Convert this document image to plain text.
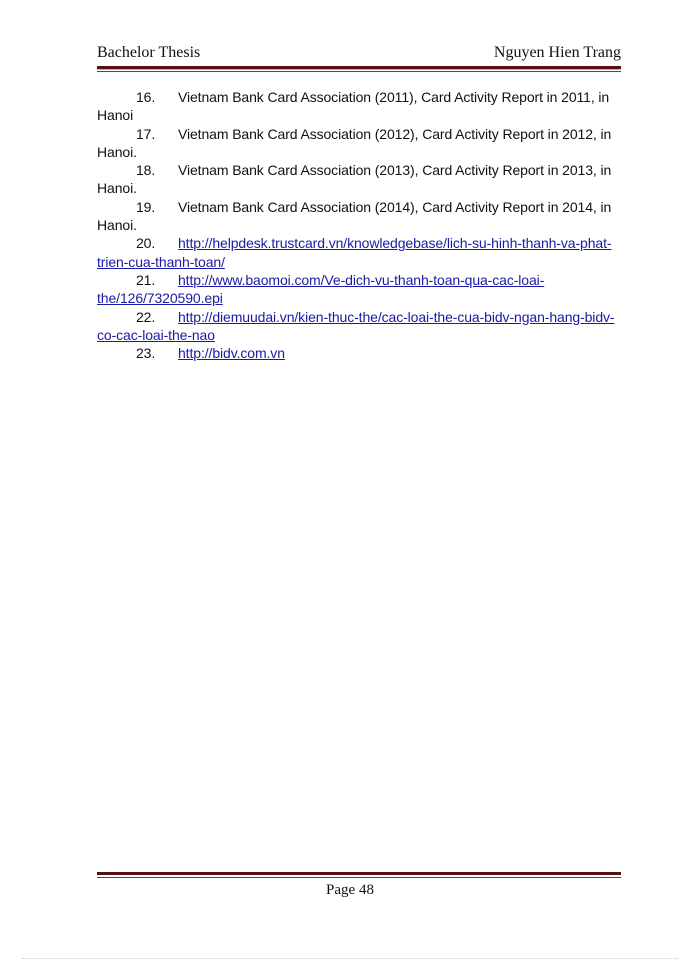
Bachelor Thesis	Nguyen Hien Trang
16. Vietnam Bank Card Association (2011), Card Activity Report in 2011, in
Hanoi
17. Vietnam Bank Card Association (2012), Card Activity Report in 2012, in
Hanoi.
18. Vietnam Bank Card Association (2013), Card Activity Report in 2013, in
Hanoi.
19. Vietnam Bank Card Association (2014), Card Activity Report in 2014, in
Hanoi.
20. http://helpdesk.trustcard.vn/knowledgebase/lich-su-hinh-thanh-va-phat-
trien-cua-thanh-toan/
21. http://www.baomoi.com/Ve-dich-vu-thanh-toan-qua-cac-loai-
the/126/7320590.epi
22. http://diemuudai.vn/kien-thuc-the/cac-loai-the-cua-bidv-ngan-hang-bidv-
co-cac-loai-the-nao
23. http://bidv.com.vn
Page 48
